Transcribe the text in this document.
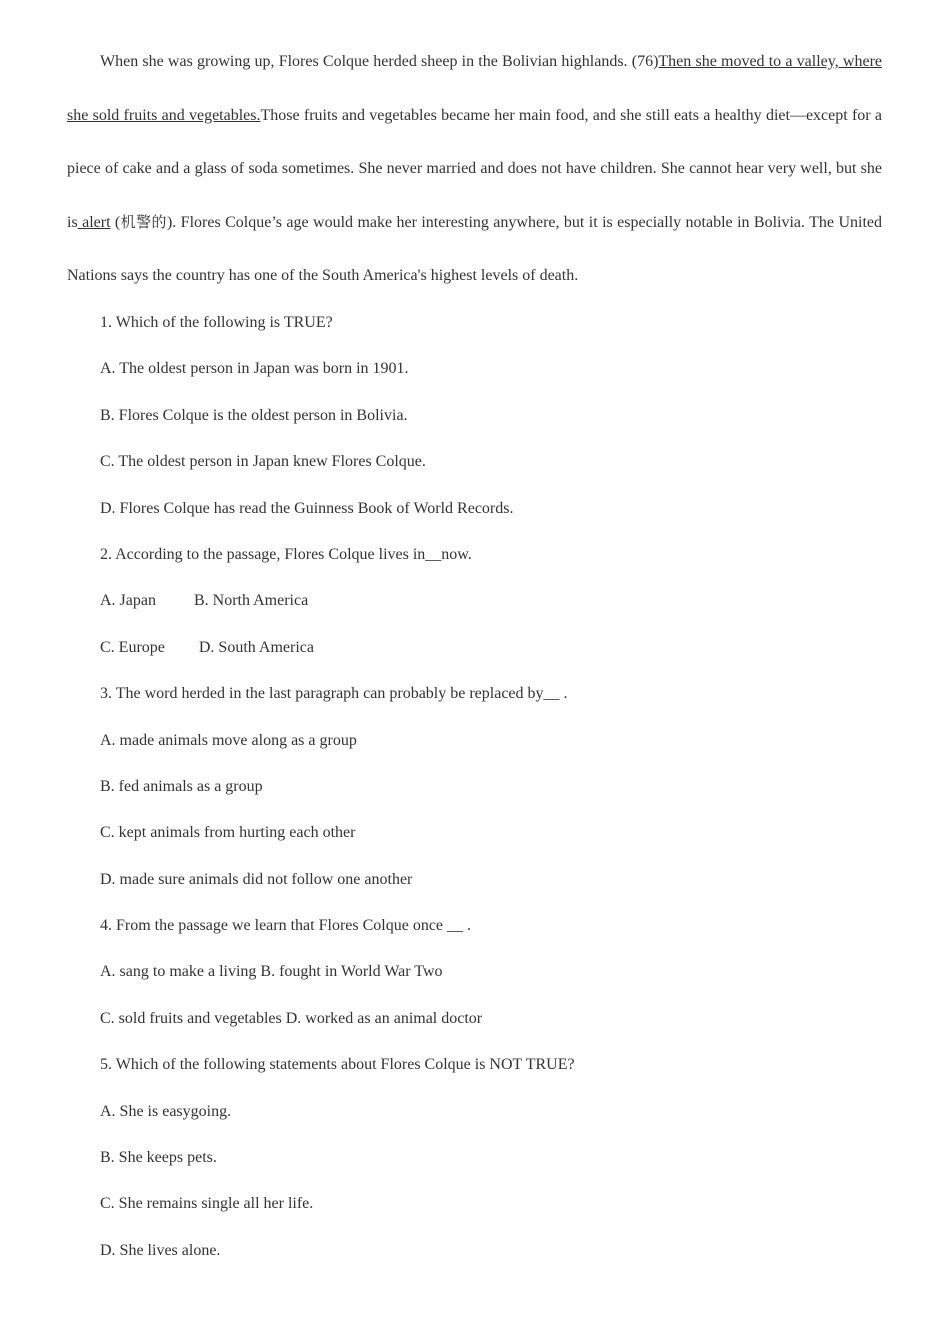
When she was growing up, Flores Colque herded sheep in the Bolivian highlands. (76)Then she moved to a valley, where she sold fruits and vegetables.Those fruits and vegetables became her main food, and she still eats a healthy diet—except for a piece of cake and a glass of soda sometimes. She never married and does not have children. She cannot hear very well, but she is alert (机警的). Flores Colque’s age would make her interesting anywhere, but it is especially notable in Bolivia. The United Nations says the country has one of the South America's highest levels of death.

1. Which of the following is TRUE?

A. The oldest person in Japan was born in 1901.

B. Flores Colque is the oldest person in Bolivia.

C. The oldest person in Japan knew Flores Colque.

D. Flores Colque has read the Guinness Book of World Records.

2. According to the passage, Flores Colque lives in__now.

A. Japan B. North America

C. Europe D. South America

3. The word herded in the last paragraph can probably be replaced by__ .

A. made animals move along as a group

B. fed animals as a group

C. kept animals from hurting each other

D. made sure animals did not follow one another

4. From the passage we learn that Flores Colque once __ .

A. sang to make a living B. fought in World War Two

C. sold fruits and vegetables D. worked as an animal doctor

5. Which of the following statements about Flores Colque is NOT TRUE?

A. She is easygoing.

B. She keeps pets.

C. She remains single all her life.

D. She lives alone.
